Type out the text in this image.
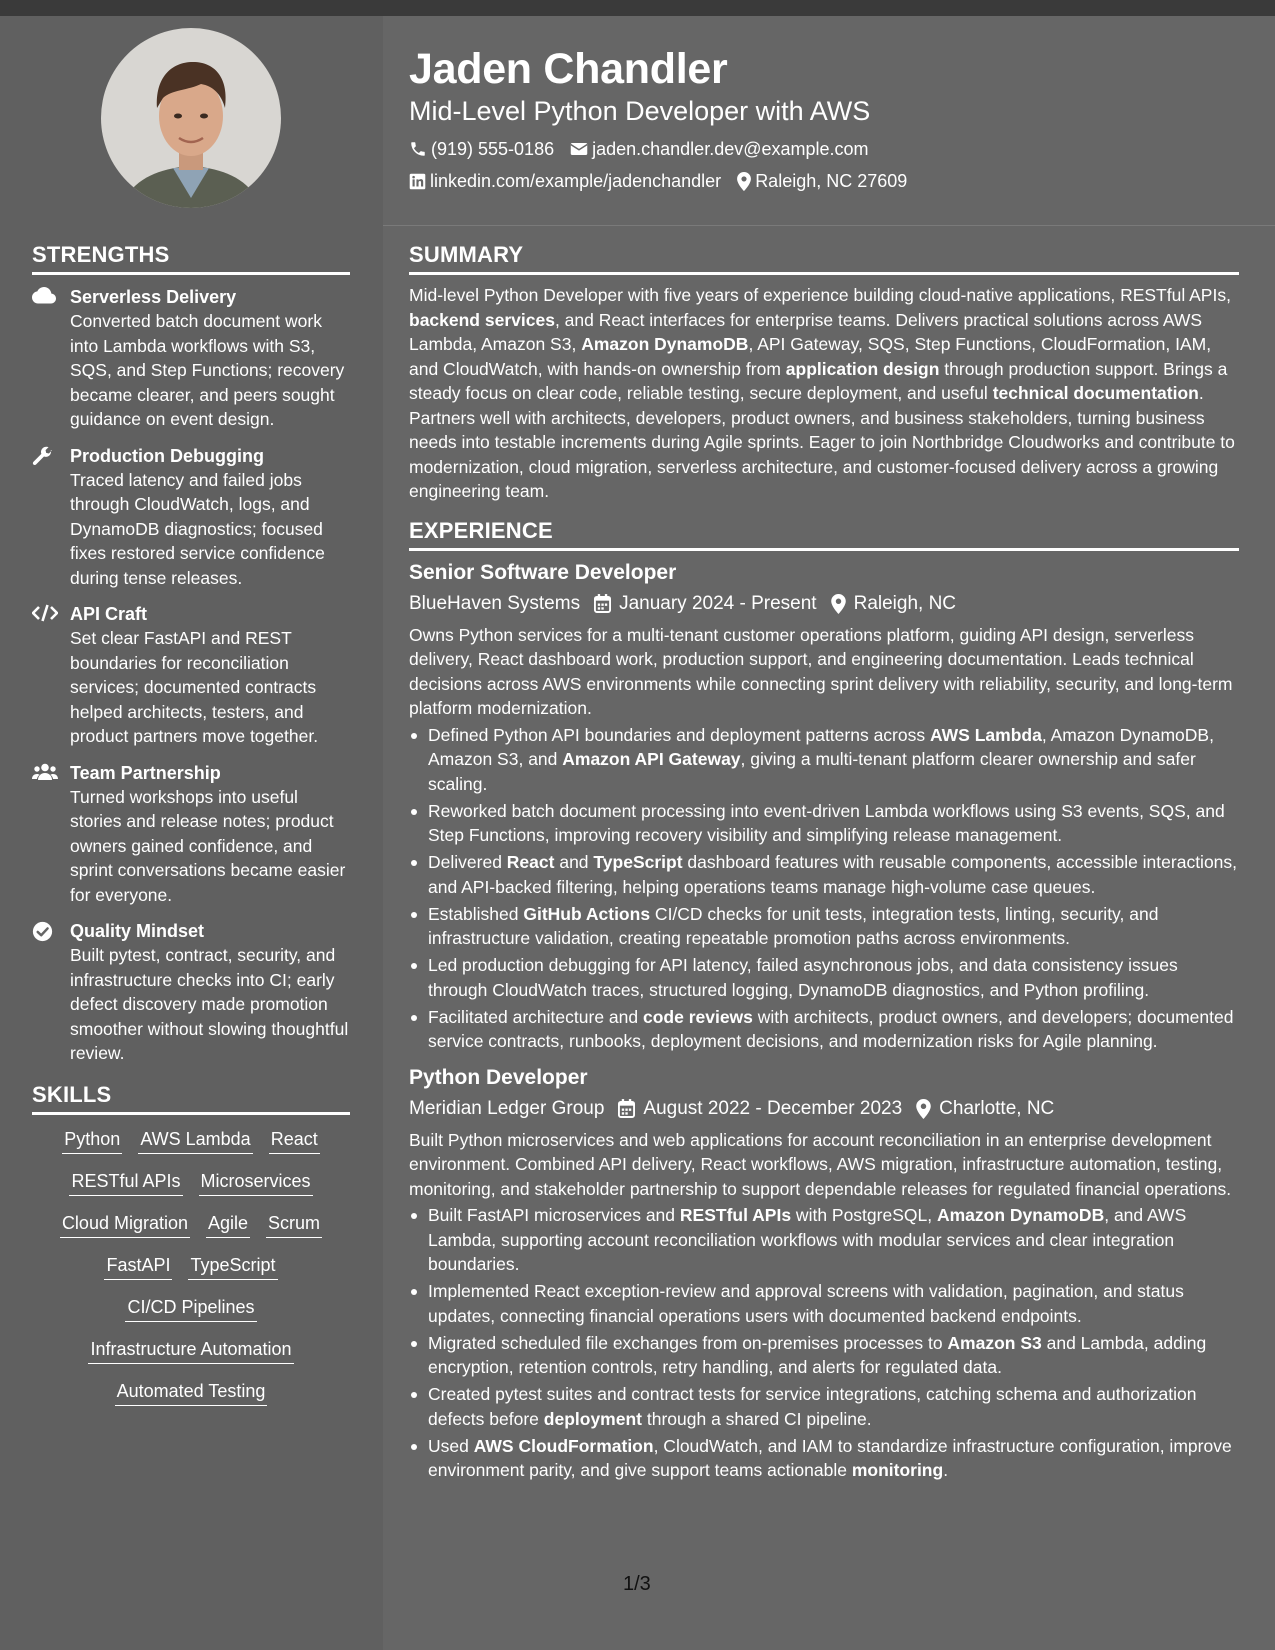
Jaden Chandler
Mid-Level Python Developer with AWS
(919) 555-0186 jaden.chandler.dev@example.com
linkedin.com/example/jadenchandler Raleigh, NC 27609
STRENGTHS
Serverless Delivery
Converted batch document work into Lambda workflows with S3, SQS, and Step Functions; recovery became clearer, and peers sought guidance on event design.
Production Debugging
Traced latency and failed jobs through CloudWatch, logs, and DynamoDB diagnostics; focused fixes restored service confidence during tense releases.
API Craft
Set clear FastAPI and REST boundaries for reconciliation services; documented contracts helped architects, testers, and product partners move together.
Team Partnership
Turned workshops into useful stories and release notes; product owners gained confidence, and sprint conversations became easier for everyone.
Quality Mindset
Built pytest, contract, security, and infrastructure checks into CI; early defect discovery made promotion smoother without slowing thoughtful review.
SKILLS
Python AWS Lambda React
RESTful APIs Microservices
Cloud Migration Agile Scrum
FastAPI TypeScript
CI/CD Pipelines
Infrastructure Automation
Automated Testing
SUMMARY
Mid-level Python Developer with five years of experience building cloud-native applications, RESTful APIs, backend services, and React interfaces for enterprise teams. Delivers practical solutions across AWS Lambda, Amazon S3, Amazon DynamoDB, API Gateway, SQS, Step Functions, CloudFormation, IAM, and CloudWatch, with hands-on ownership from application design through production support. Brings a steady focus on clear code, reliable testing, secure deployment, and useful technical documentation. Partners well with architects, developers, product owners, and business stakeholders, turning business needs into testable increments during Agile sprints. Eager to join Northbridge Cloudworks and contribute to modernization, cloud migration, serverless architecture, and customer-focused delivery across a growing engineering team.
EXPERIENCE
Senior Software Developer
BlueHaven Systems January 2024 - Present Raleigh, NC
Owns Python services for a multi-tenant customer operations platform, guiding API design, serverless delivery, React dashboard work, production support, and engineering documentation. Leads technical decisions across AWS environments while connecting sprint delivery with reliability, security, and long-term platform modernization.
Defined Python API boundaries and deployment patterns across AWS Lambda, Amazon DynamoDB, Amazon S3, and Amazon API Gateway, giving a multi-tenant platform clearer ownership and safer scaling.
Reworked batch document processing into event-driven Lambda workflows using S3 events, SQS, and Step Functions, improving recovery visibility and simplifying release management.
Delivered React and TypeScript dashboard features with reusable components, accessible interactions, and API-backed filtering, helping operations teams manage high-volume case queues.
Established GitHub Actions CI/CD checks for unit tests, integration tests, linting, security, and infrastructure validation, creating repeatable promotion paths across environments.
Led production debugging for API latency, failed asynchronous jobs, and data consistency issues through CloudWatch traces, structured logging, DynamoDB diagnostics, and Python profiling.
Facilitated architecture and code reviews with architects, product owners, and developers; documented service contracts, runbooks, deployment decisions, and modernization risks for Agile planning.
Python Developer
Meridian Ledger Group August 2022 - December 2023 Charlotte, NC
Built Python microservices and web applications for account reconciliation in an enterprise development environment. Combined API delivery, React workflows, AWS migration, infrastructure automation, testing, monitoring, and stakeholder partnership to support dependable releases for regulated financial operations.
Built FastAPI microservices and RESTful APIs with PostgreSQL, Amazon DynamoDB, and AWS Lambda, supporting account reconciliation workflows with modular services and clear integration boundaries.
Implemented React exception-review and approval screens with validation, pagination, and status updates, connecting financial operations users with documented backend endpoints.
Migrated scheduled file exchanges from on-premises processes to Amazon S3 and Lambda, adding encryption, retention controls, retry handling, and alerts for regulated data.
Created pytest suites and contract tests for service integrations, catching schema and authorization defects before deployment through a shared CI pipeline.
Used AWS CloudFormation, CloudWatch, and IAM to standardize infrastructure configuration, improve environment parity, and give support teams actionable monitoring.
1/3
